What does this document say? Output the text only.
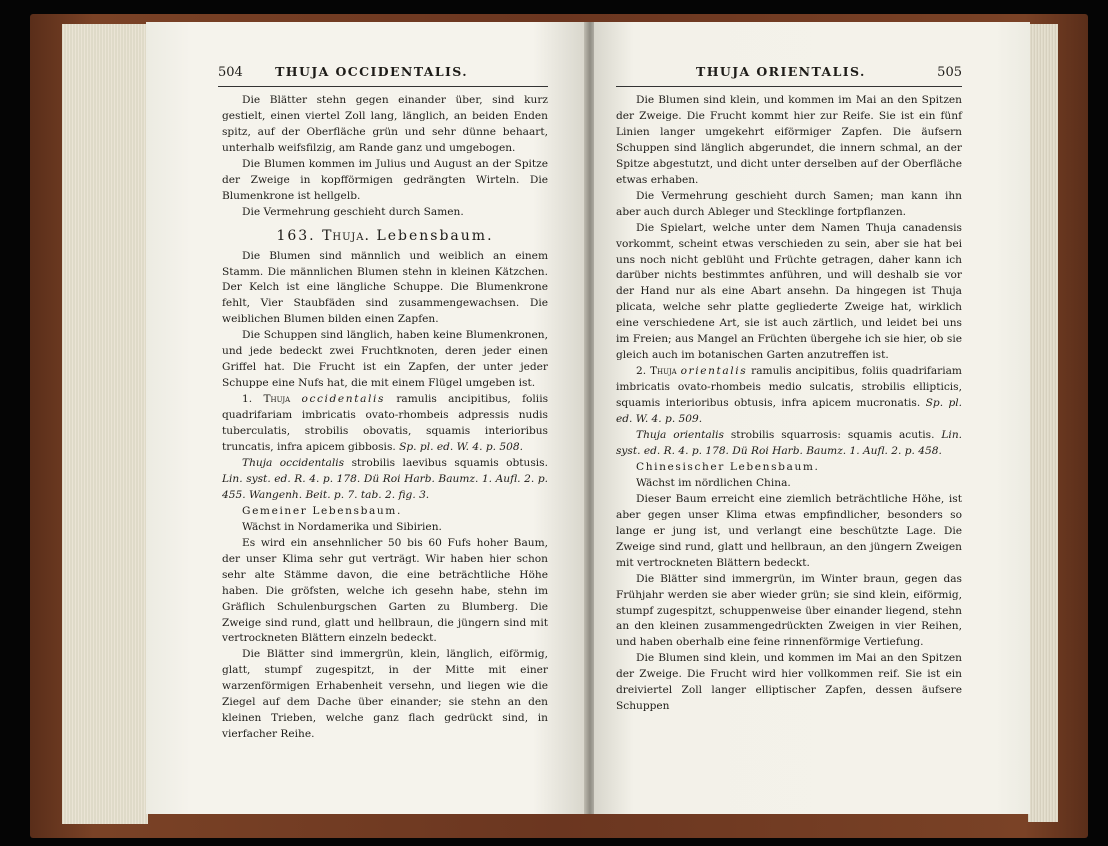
504	THUJA OCCIDENTALIS.

Die Blätter stehn gegen einander über, sind kurz gestielt, einen viertel Zoll lang, länglich, an beiden Enden spitz, auf der Oberfläche grün und sehr dünne behaart, unterhalb weifsfilzig, am Rande ganz und umgebogen.

Die Blumen kommen im Julius und August an der Spitze der Zweige in kopfförmigen gedrängten Wirteln. Die Blumenkrone ist hellgelb.

Die Vermehrung geschieht durch Samen.

163. Thuja. Lebensbaum.

Die Blumen sind männlich und weiblich an einem Stamm. Die männlichen Blumen stehn in kleinen Kätzchen. Der Kelch ist eine längliche Schuppe. Die Blumenkrone fehlt, Vier Staubfäden sind zusammengewachsen. Die weiblichen Blumen bilden einen Zapfen.

Die Schuppen sind länglich, haben keine Blumenkronen, und jede bedeckt zwei Fruchtknoten, deren jeder einen Griffel hat. Die Frucht ist ein Zapfen, der unter jeder Schuppe eine Nufs hat, die mit einem Flügel umgeben ist.

1. Thuja occidentalis ramulis ancipitibus, foliis quadrifariam imbricatis ovato-rhombeis adpressis nudis tuberculatis, strobilis obovatis, squamis interioribus truncatis, infra apicem gibbosis. Sp. pl. ed. W. 4. p. 508.

Thuja occidentalis strobilis laevibus squamis obtusis. Lin. syst. ed. R. 4. p. 178. Dü Roi Harb. Baumz. 1. Aufl. 2. p. 455. Wangenh. Beit. p. 7. tab. 2. fig. 3.

Gemeiner Lebensbaum.

Wächst in Nordamerika und Sibirien.

Es wird ein ansehnlicher 50 bis 60 Fufs hoher Baum, der unser Klima sehr gut verträgt. Wir haben hier schon sehr alte Stämme davon, die eine beträchtliche Höhe haben. Die gröfsten, welche ich gesehn habe, stehn im Gräflich Schulenburgschen Garten zu Blumberg. Die Zweige sind rund, glatt und hellbraun, die jüngern sind mit vertrockneten Blättern einzeln bedeckt.

Die Blätter sind immergrün, klein, länglich, eiförmig, glatt, stumpf zugespitzt, in der Mitte mit einer warzenförmigen Erhabenheit versehn, und liegen wie die Ziegel auf dem Dache über einander; sie stehn an den kleinen Trieben, welche ganz flach gedrückt sind, in vierfacher Reihe.

THUJA ORIENTALIS.	505

Die Blumen sind klein, und kommen im Mai an den Spitzen der Zweige. Die Frucht kommt hier zur Reife. Sie ist ein fünf Linien langer umgekehrt eiförmiger Zapfen. Die äufsern Schuppen sind länglich abgerundet, die innern schmal, an der Spitze abgestutzt, und dicht unter derselben auf der Oberfläche etwas erhaben.

Die Vermehrung geschieht durch Samen; man kann ihn aber auch durch Ableger und Stecklinge fortpflanzen.

Die Spielart, welche unter dem Namen Thuja canadensis vorkommt, scheint etwas verschieden zu sein, aber sie hat bei uns noch nicht geblüht und Früchte getragen, daher kann ich darüber nichts bestimmtes anführen, und will deshalb sie vor der Hand nur als eine Abart ansehn. Da hingegen ist Thuja plicata, welche sehr platte gegliederte Zweige hat, wirklich eine verschiedene Art, sie ist auch zärtlich, und leidet bei uns im Freien; aus Mangel an Früchten übergehe ich sie hier, ob sie gleich auch im botanischen Garten anzutreffen ist.

2. Thuja orientalis ramulis ancipitibus, foliis quadrifariam imbricatis ovato-rhombeis medio sulcatis, strobilis ellipticis, squamis interioribus obtusis, infra apicem mucronatis. Sp. pl. ed. W. 4. p. 509.

Thuja orientalis strobilis squarrosis: squamis acutis. Lin. syst. ed. R. 4. p. 178. Dü Roi Harb. Baumz. 1. Aufl. 2. p. 458.

Chinesischer Lebensbaum.

Wächst im nördlichen China.

Dieser Baum erreicht eine ziemlich beträchtliche Höhe, ist aber gegen unser Klima etwas empfindlicher, besonders so lange er jung ist, und verlangt eine beschützte Lage. Die Zweige sind rund, glatt und hellbraun, an den jüngern Zweigen mit vertrockneten Blättern bedeckt.

Die Blätter sind immergrün, im Winter braun, gegen das Frühjahr werden sie aber wieder grün; sie sind klein, eiförmig, stumpf zugespitzt, schuppenweise über einander liegend, stehn an den kleinen zusammengedrückten Zweigen in vier Reihen, und haben oberhalb eine feine rinnenförmige Vertiefung.

Die Blumen sind klein, und kommen im Mai an den Spitzen der Zweige. Die Frucht wird hier vollkommen reif. Sie ist ein dreiviertel Zoll langer elliptischer Zapfen, dessen äufsere Schuppen
